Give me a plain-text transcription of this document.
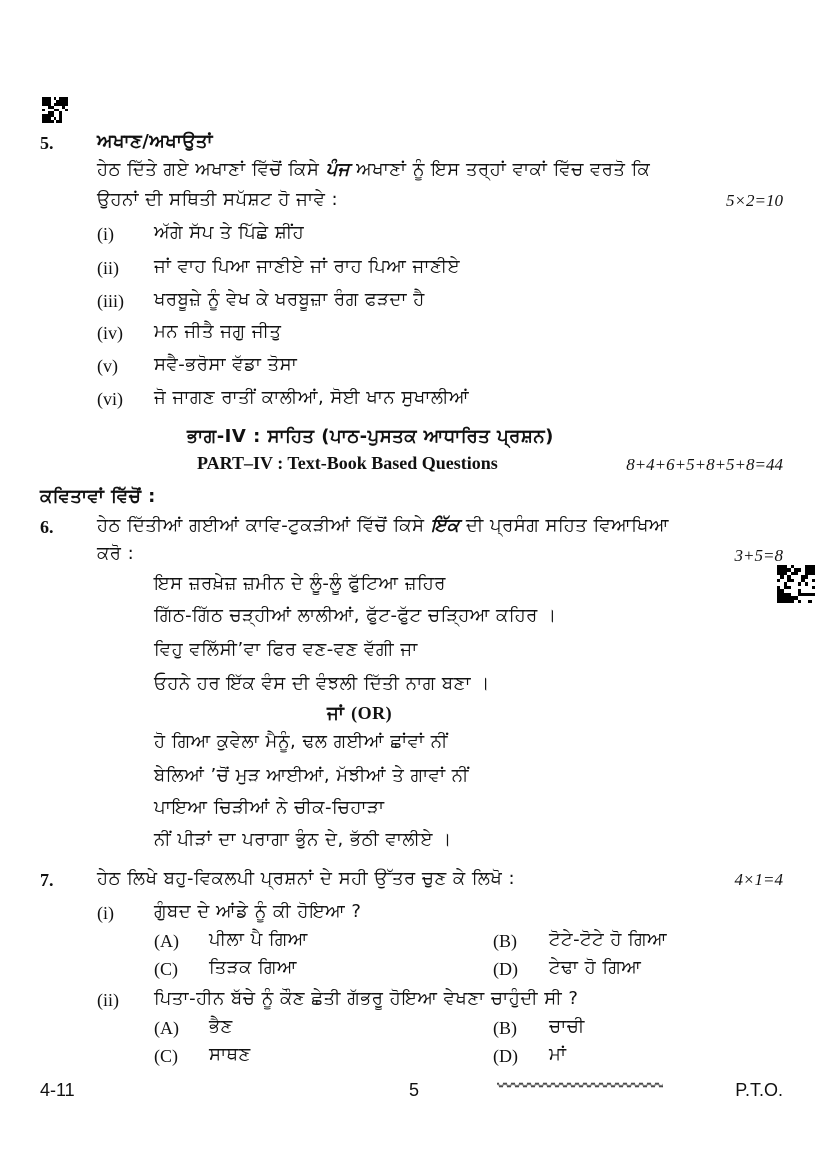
5. ਅਖਾਣ/ਅਖਾਉਤਾਂ
ਹੇਠ ਦਿੱਤੇ ਗਏ ਅਖਾਣਾਂ ਵਿੱਚੋਂ ਕਿਸੇ ਪੰਜ ਅਖਾਣਾਂ ਨੂੰ ਇਸ ਤਰ੍ਹਾਂ ਵਾਕਾਂ ਵਿੱਚ ਵਰਤੋ ਕਿ
ਉਹਨਾਂ ਦੀ ਸਥਿਤੀ ਸਪੱਸ਼ਟ ਹੋ ਜਾਵੇ :	5×2=10
(i) ਅੱਗੇ ਸੱਪ ਤੇ ਪਿੱਛੇ ਸ਼ੀਂਹ
(ii) ਜਾਂ ਵਾਹ ਪਿਆ ਜਾਣੀਏ ਜਾਂ ਰਾਹ ਪਿਆ ਜਾਣੀਏ
(iii) ਖਰਬੂਜ਼ੇ ਨੂੰ ਵੇਖ ਕੇ ਖਰਬੂਜ਼ਾ ਰੰਗ ਫੜਦਾ ਹੈ
(iv) ਮਨ ਜੀਤੈ ਜਗੁ ਜੀਤੁ
(v) ਸਵੈ-ਭਰੋਸਾ ਵੱਡਾ ਤੋਸਾ
(vi) ਜੋ ਜਾਗਣ ਰਾਤੀਂ ਕਾਲੀਆਂ, ਸੋਈ ਖਾਨ ਸੁਖਾਲੀਆਂ
ਭਾਗ-IV : ਸਾਹਿਤ (ਪਾਠ-ਪੁਸਤਕ ਆਧਾਰਿਤ ਪ੍ਰਸ਼ਨ)
PART–IV : Text-Book Based Questions	8+4+6+5+8+5+8=44
ਕਵਿਤਾਵਾਂ ਵਿੱਚੋਂ :
6. ਹੇਠ ਦਿੱਤੀਆਂ ਗਈਆਂ ਕਾਵਿ-ਟੁਕੜੀਆਂ ਵਿੱਚੋਂ ਕਿਸੇ ਇੱਕ ਦੀ ਪ੍ਰਸੰਗ ਸਹਿਤ ਵਿਆਖਿਆ
ਕਰੋ :	3+5=8
ਇਸ ਜ਼ਰਖ਼ੇਜ਼ ਜ਼ਮੀਨ ਦੇ ਲੂੰ-ਲੂੰ ਫੁੱਟਿਆ ਜ਼ਹਿਰ
ਗਿੱਠ-ਗਿੱਠ ਚੜ੍ਹੀਆਂ ਲਾਲੀਆਂ, ਫੁੱਟ-ਫੁੱਟ ਚੜ੍ਹਿਆ ਕਹਿਰ ।
ਵਿਹੁ ਵਲਿੱਸੀ’ਵਾ ਫਿਰ ਵਣ-ਵਣ ਵੱਗੀ ਜਾ
ਓਹਨੇ ਹਰ ਇੱਕ ਵੰਸ ਦੀ ਵੰਝਲੀ ਦਿੱਤੀ ਨਾਗ ਬਣਾ ।
ਜਾਂ (OR)
ਹੋ ਗਿਆ ਕੁਵੇਲਾ ਮੈਨੂੰ, ਢਲ ਗਈਆਂ ਛਾਂਵਾਂ ਨੀਂ
ਬੇਲਿਆਂ ’ਚੋਂ ਮੁੜ ਆਈਆਂ, ਮੱਝੀਆਂ ਤੇ ਗਾਵਾਂ ਨੀਂ
ਪਾਇਆ ਚਿੜੀਆਂ ਨੇ ਚੀਕ-ਚਿਹਾੜਾ
ਨੀਂ ਪੀੜਾਂ ਦਾ ਪਰਾਗਾ ਭੁੰਨ ਦੇ, ਭੱਠੀ ਵਾਲੀਏ ।
7. ਹੇਠ ਲਿਖੇ ਬਹੁ-ਵਿਕਲਪੀ ਪ੍ਰਸ਼ਨਾਂ ਦੇ ਸਹੀ ਉੱਤਰ ਚੁਣ ਕੇ ਲਿਖੋ :	4×1=4
(i) ਗੁੰਬਦ ਦੇ ਆਂਡੇ ਨੂੰ ਕੀ ਹੋਇਆ ?
(A) ਪੀਲਾ ਪੈ ਗਿਆ	(B) ਟੋਟੇ-ਟੋਟੇ ਹੋ ਗਿਆ
(C) ਤਿੜਕ ਗਿਆ	(D) ਟੇਢਾ ਹੋ ਗਿਆ
(ii) ਪਿਤਾ-ਹੀਨ ਬੱਚੇ ਨੂੰ ਕੌਣ ਛੇਤੀ ਗੱਭਰੂ ਹੋਇਆ ਵੇਖਣਾ ਚਾਹੁੰਦੀ ਸੀ ?
(A) ਭੈਣ	(B) ਚਾਚੀ
(C) ਸਾਥਣ	(D) ਮਾਂ
4-11	5	P.T.O.
